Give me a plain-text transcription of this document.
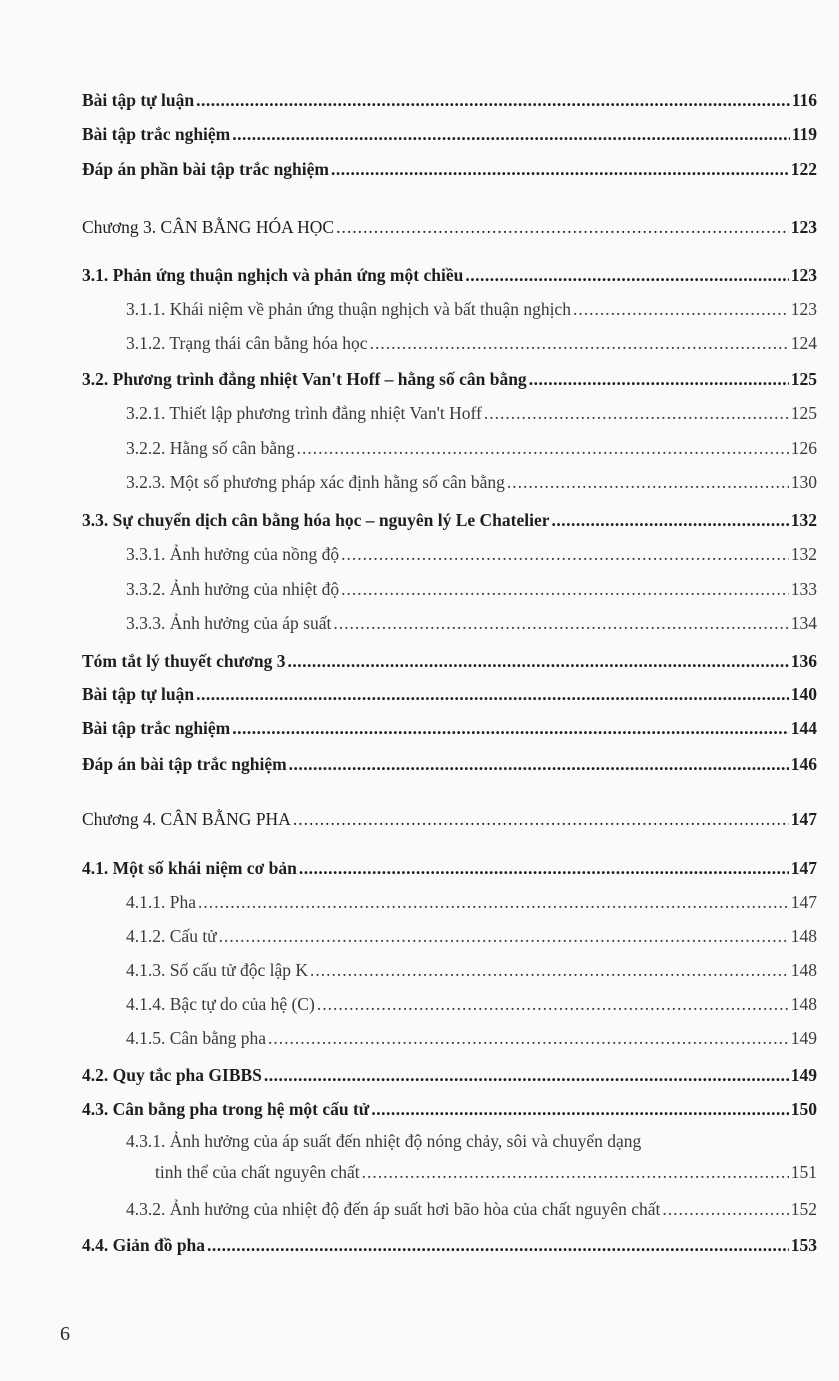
Bài tập tự luận .....	116
Bài tập trắc nghiệm .....	119
Đáp án phần bài tập trắc nghiệm .....	122
Chương 3. CÂN BẰNG HÓA HỌC .....	123
3.1. Phản ứng thuận nghịch và phản ứng một chiều .....	123
3.1.1. Khái niệm về phản ứng thuận nghịch và bất thuận nghịch .....	123
3.1.2. Trạng thái cân bằng hóa học .....	124
3.2. Phương trình đẳng nhiệt Van't Hoff – hằng số cân bằng .....	125
3.2.1. Thiết lập phương trình đẳng nhiệt Van't Hoff .....	125
3.2.2. Hằng số cân bằng .....	126
3.2.3. Một số phương pháp xác định hằng số cân bằng .....	130
3.3. Sự chuyển dịch cân bằng hóa học – nguyên lý Le Chatelier .....	132
3.3.1. Ảnh hưởng của nồng độ .....	132
3.3.2. Ảnh hưởng của nhiệt độ .....	133
3.3.3. Ảnh hưởng của áp suất .....	134
Tóm tắt lý thuyết chương 3 .....	136
Bài tập tự luận .....	140
Bài tập trắc nghiệm .....	144
Đáp án bài tập trắc nghiệm .....	146
Chương 4. CÂN BẰNG PHA .....	147
4.1. Một số khái niệm cơ bản .....	147
4.1.1. Pha .....	147
4.1.2. Cấu tử .....	148
4.1.3. Số cấu tử độc lập K .....	148
4.1.4. Bậc tự do của hệ (C) .....	148
4.1.5. Cân bằng pha .....	149
4.2. Quy tắc pha GIBBS .....	149
4.3. Cân bằng pha trong hệ một cấu tử .....	150
4.3.1. Ảnh hưởng của áp suất đến nhiệt độ nóng chảy, sôi và chuyển dạng
tinh thể của chất nguyên chất .....	151
4.3.2. Ảnh hưởng của nhiệt độ đến áp suất hơi bão hòa của chất nguyên chất .....	152
4.4. Giản đồ pha .....	153
6
